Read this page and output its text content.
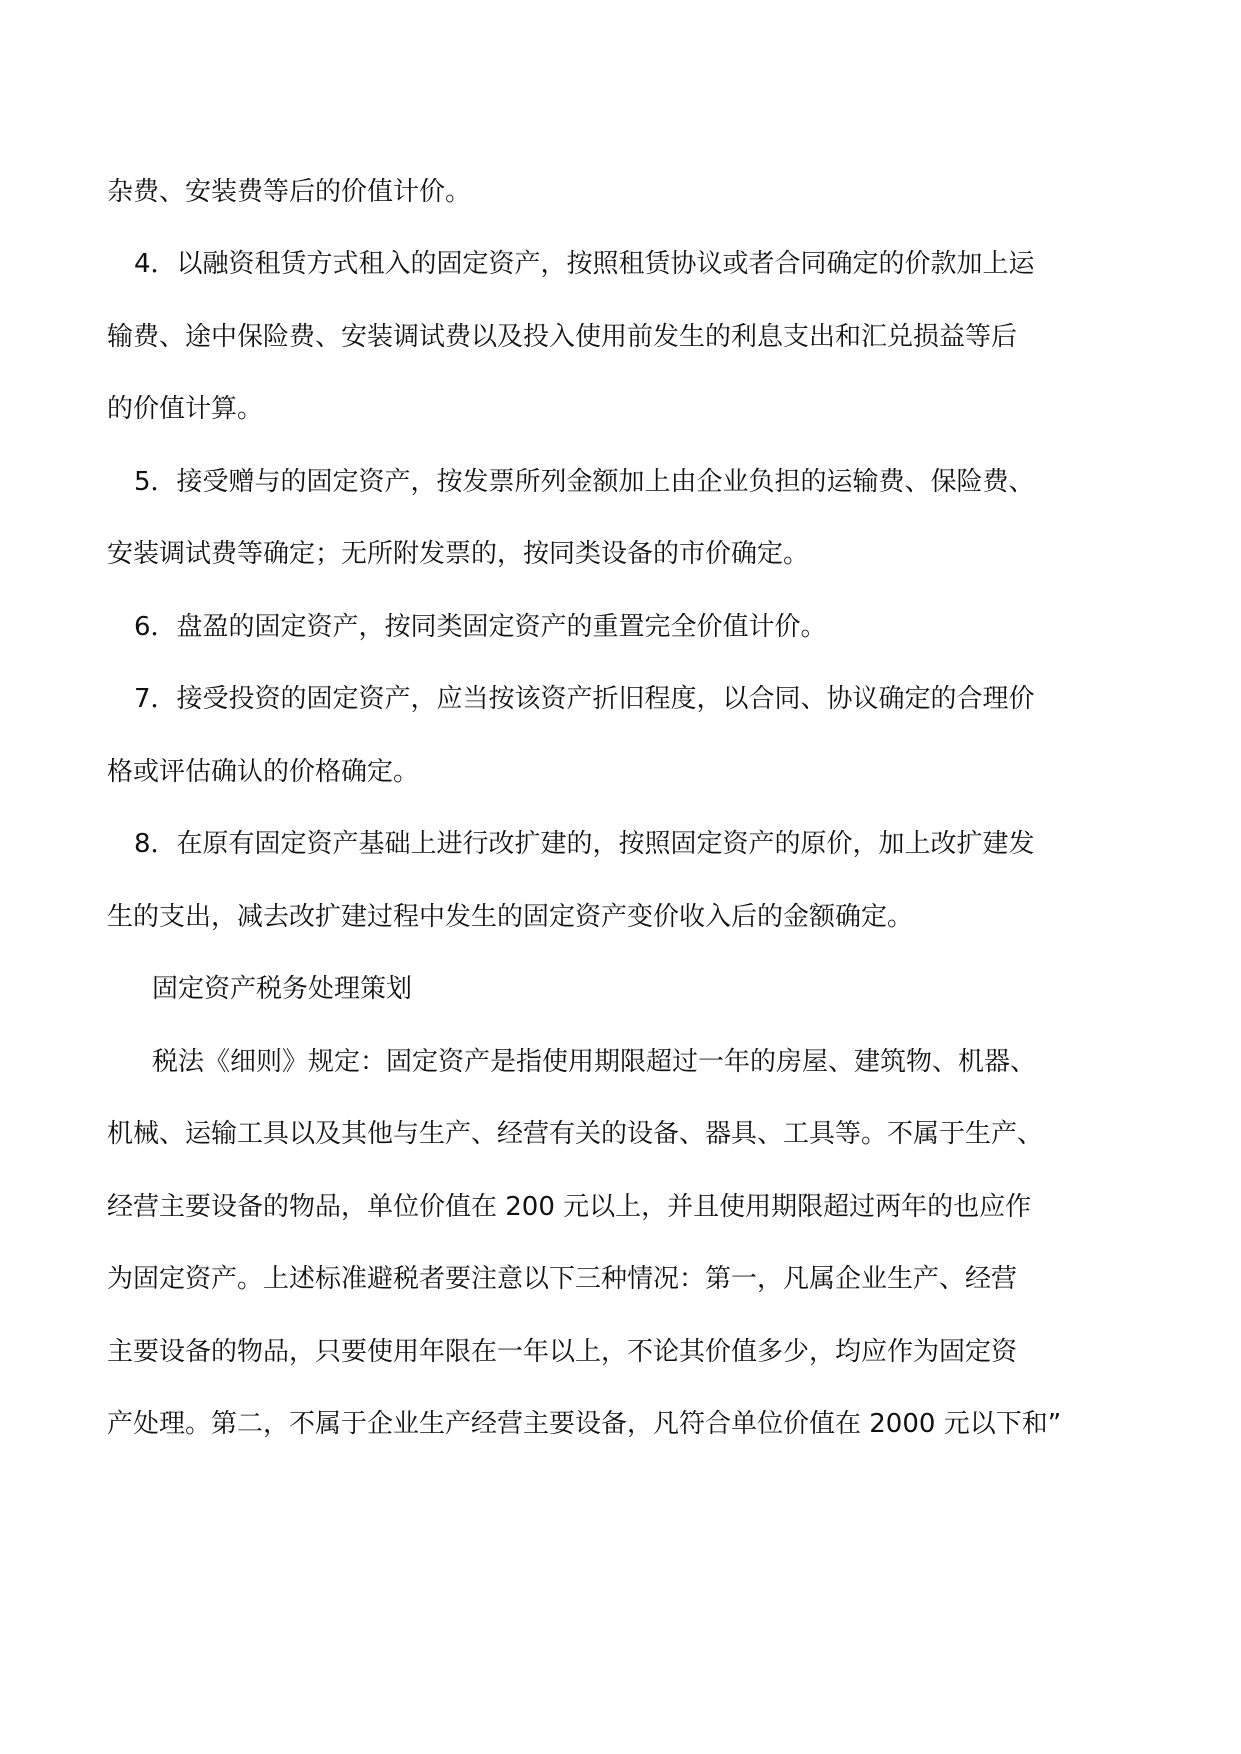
杂费、安装费等后的价值计价。
4．以融资租赁方式租入的固定资产，按照租赁协议或者合同确定的价款加上运
输费、途中保险费、安装调试费以及投入使用前发生的利息支出和汇兑损益等后
的价值计算。
5．接受赠与的固定资产，按发票所列金额加上由企业负担的运输费、保险费、
安装调试费等确定；无所附发票的，按同类设备的市价确定。
6．盘盈的固定资产，按同类固定资产的重置完全价值计价。
7．接受投资的固定资产，应当按该资产折旧程度，以合同、协议确定的合理价
格或评估确认的价格确定。
8．在原有固定资产基础上进行改扩建的，按照固定资产的原价，加上改扩建发
生的支出，减去改扩建过程中发生的固定资产变价收入后的金额确定。
固定资产税务处理策划
税法《细则》规定：固定资产是指使用期限超过一年的房屋、建筑物、机器、
机械、运输工具以及其他与生产、经营有关的设备、器具、工具等。不属于生产、
经营主要设备的物品，单位价值在 200 元以上，并且使用期限超过两年的也应作
为固定资产。上述标准避税者要注意以下三种情况：第一，凡属企业生产、经营
主要设备的物品，只要使用年限在一年以上，不论其价值多少，均应作为固定资
产处理。第二，不属于企业生产经营主要设备，凡符合单位价值在 2000 元以下和”
